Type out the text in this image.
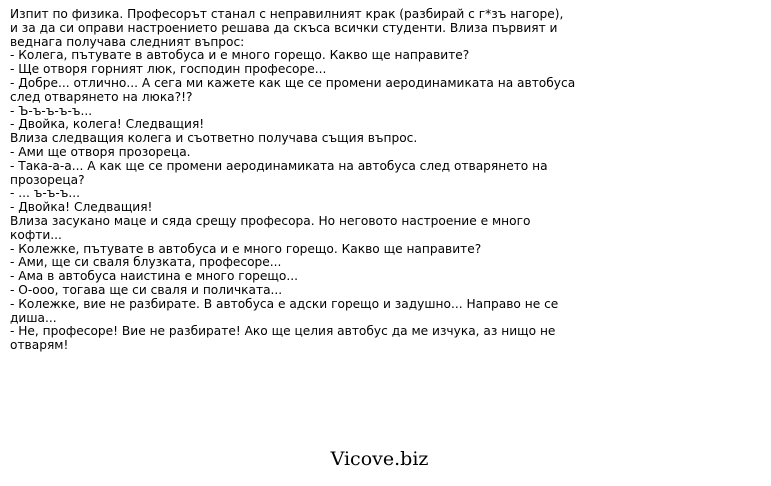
Изпит по физика. Професорът станал с неправилният крак (разбирай с г*зъ нагоре),
и за да си оправи настроението решава да скъса всички студенти. Влиза първият и
веднага получава следният въпрос:
- Колега, пътувате в автобуса и е много горещо. Какво ще направите?
- Ще отворя горният люк, господин професоре...
- Добре... отлично... А сега ми кажете как ще се промени аеродинамиката на автобуса
след отварянето на люка?!?
- Ъ-ъ-ъ-ъ-ъ...
- Двойка, колега! Следващия!
Влиза следващия колега и съответно получава същия въпрос.
- Ами ще отворя прозореца.
- Така-а-а... А как ще се промени аеродинамиката на автобуса след отварянето на
прозореца?
- ... ъ-ъ-ъ...
- Двойка! Следващия!
Влиза засукано маце и сяда срещу професора. Но неговото настроение е много
кофти...
- Колежке, пътувате в автобуса и е много горещо. Какво ще направите?
- Ами, ще си сваля блузката, професоре...
- Ама в автобуса наистина е много горещо...
- О-ооо, тогава ще си сваля и поличката...
- Колежке, вие не разбирате. В автобуса е адски горещо и задушно... Направо не се
диша...
- Не, професоре! Вие не разбирате! Ако ще целия автобус да ме изчука, аз нищо не
отварям!
Vicove.biz
